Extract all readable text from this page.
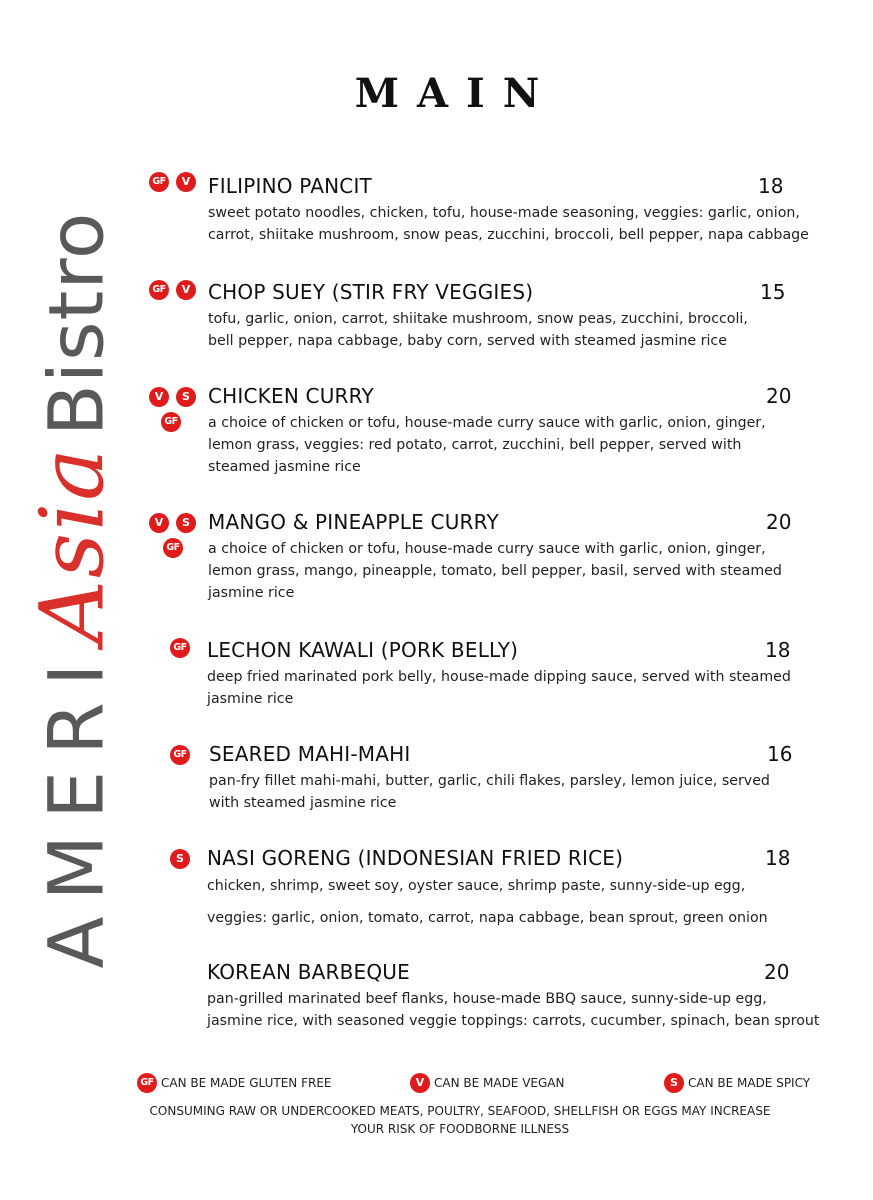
MAIN
AMERI
Asia
Bistro
FILIPINO PANCIT	18
sweet potato noodles, chicken, tofu, house-made seasoning, veggies: garlic, onion,
carrot, shiitake mushroom, snow peas, zucchini, broccoli, bell pepper, napa cabbage
GF	V
CHOP SUEY (STIR FRY VEGGIES)	15
tofu, garlic, onion, carrot, shiitake mushroom, snow peas, zucchini, broccoli,
bell pepper, napa cabbage, baby corn, served with steamed jasmine rice
GF	V
CHICKEN CURRY	20
a choice of chicken or tofu, house-made curry sauce with garlic, onion, ginger,
lemon grass, veggies: red potato, carrot, zucchini, bell pepper, served with
steamed jasmine rice
V	S
GF
MANGO & PINEAPPLE CURRY	20
a choice of chicken or tofu, house-made curry sauce with garlic, onion, ginger,
lemon grass, mango, pineapple, tomato, bell pepper, basil, served with steamed
jasmine rice
V	S
GF
LECHON KAWALI (PORK BELLY)	18
deep fried marinated pork belly, house-made dipping sauce, served with steamed
jasmine rice
GF
SEARED MAHI-MAHI	16
pan-fry fillet mahi-mahi, butter, garlic, chili flakes, parsley, lemon juice, served
with steamed jasmine rice
GF
NASI GORENG (INDONESIAN FRIED RICE)	18
chicken, shrimp, sweet soy, oyster sauce, shrimp paste, sunny-side-up egg,
veggies: garlic, onion, tomato, carrot, napa cabbage, bean sprout, green onion
S
KOREAN BARBEQUE	20
pan-grilled marinated beef flanks, house-made BBQ sauce, sunny-side-up egg,
jasmine rice, with seasoned veggie toppings: carrots, cucumber, spinach, bean sprout
GF CAN BE MADE GLUTEN FREE	V CAN BE MADE VEGAN	S CAN BE MADE SPICY
CONSUMING RAW OR UNDERCOOKED MEATS, POULTRY, SEAFOOD, SHELLFISH OR EGGS MAY INCREASE
YOUR RISK OF FOODBORNE ILLNESS
